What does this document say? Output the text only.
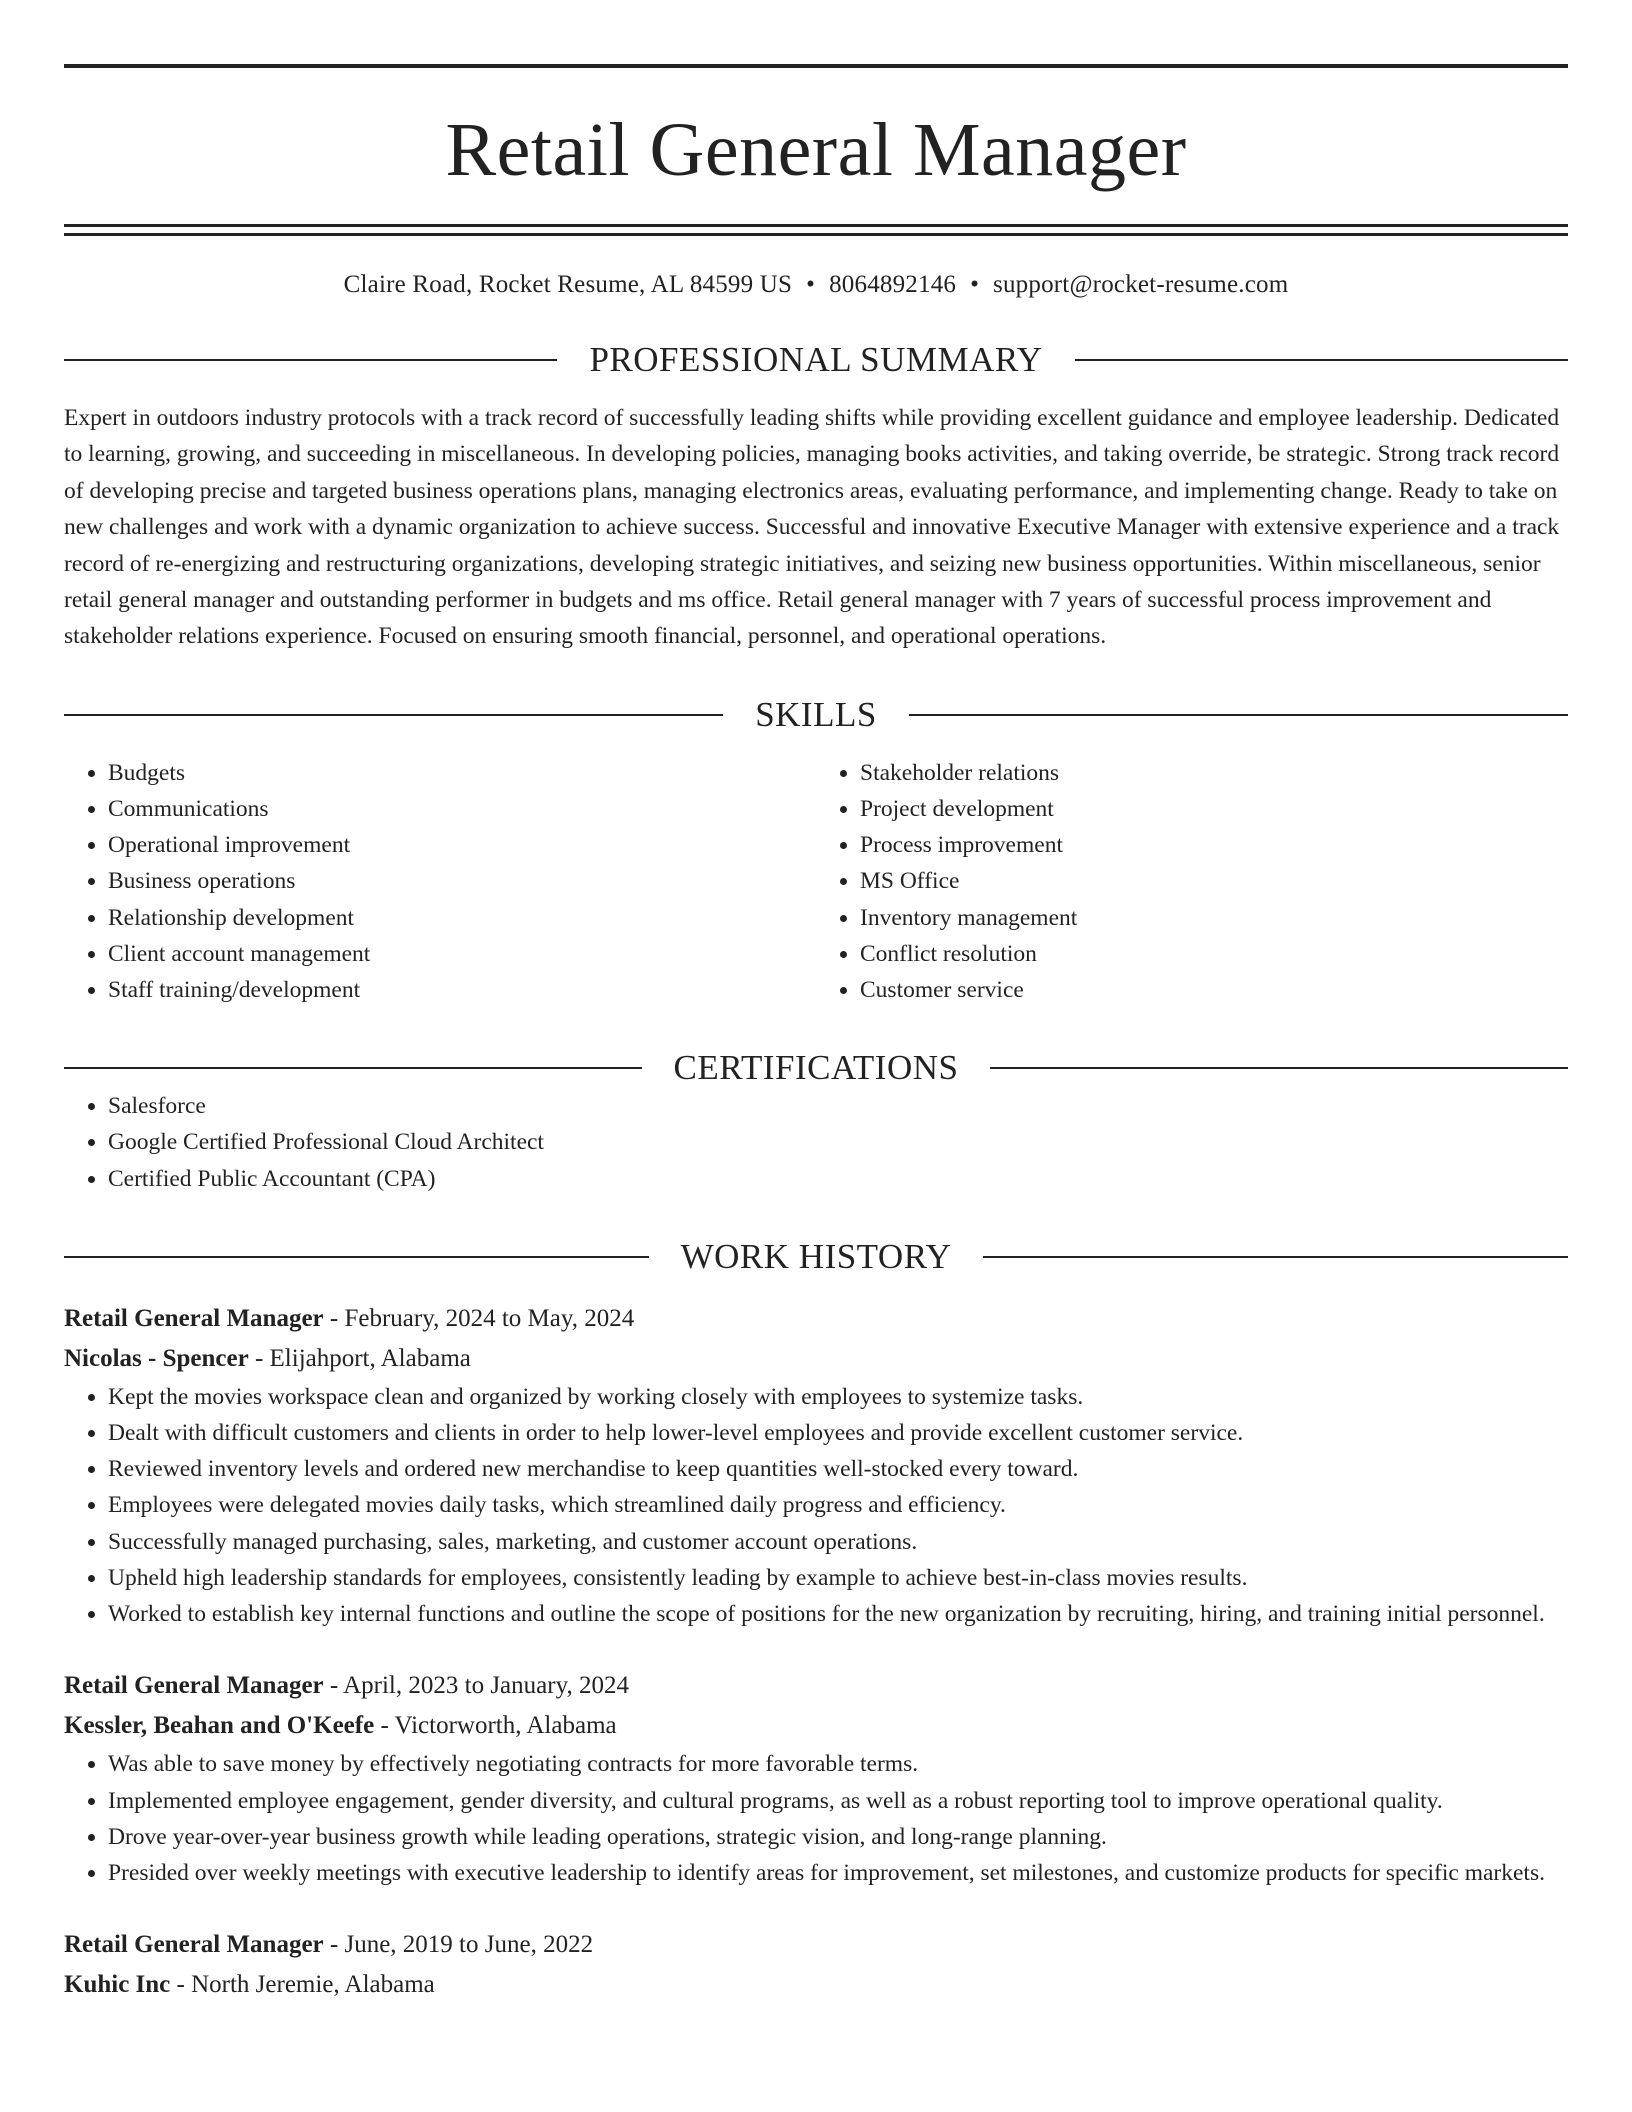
Retail General Manager
Claire Road, Rocket Resume, AL 84599 US • 8064892146 • support@rocket-resume.com
PROFESSIONAL SUMMARY

Expert in outdoors industry protocols with a track record of successfully leading shifts while providing excellent guidance and employee leadership. Dedicated to learning, growing, and succeeding in miscellaneous. In developing policies, managing books activities, and taking override, be strategic. Strong track record of developing precise and targeted business operations plans, managing electronics areas, evaluating performance, and implementing change. Ready to take on new challenges and work with a dynamic organization to achieve success. Successful and innovative Executive Manager with extensive experience and a track record of re-energizing and restructuring organizations, developing strategic initiatives, and seizing new business opportunities. Within miscellaneous, senior retail general manager and outstanding performer in budgets and ms office. Retail general manager with 7 years of successful process improvement and stakeholder relations experience. Focused on ensuring smooth financial, personnel, and operational operations.

SKILLS
• Budgets
• Communications
• Operational improvement
• Business operations
• Relationship development
• Client account management
• Staff training/development
• Stakeholder relations
• Project development
• Process improvement
• MS Office
• Inventory management
• Conflict resolution
• Customer service
CERTIFICATIONS
• Salesforce
• Google Certified Professional Cloud Architect
• Certified Public Accountant (CPA)
WORK HISTORY
Retail General Manager - February, 2024 to May, 2024
Nicolas - Spencer - Elijahport, Alabama
• Kept the movies workspace clean and organized by working closely with employees to systemize tasks.
• Dealt with difficult customers and clients in order to help lower-level employees and provide excellent customer service.
• Reviewed inventory levels and ordered new merchandise to keep quantities well-stocked every toward.
• Employees were delegated movies daily tasks, which streamlined daily progress and efficiency.
• Successfully managed purchasing, sales, marketing, and customer account operations.
• Upheld high leadership standards for employees, consistently leading by example to achieve best-in-class movies results.
• Worked to establish key internal functions and outline the scope of positions for the new organization by recruiting, hiring, and training initial personnel.
Retail General Manager - April, 2023 to January, 2024
Kessler, Beahan and O'Keefe - Victorworth, Alabama
• Was able to save money by effectively negotiating contracts for more favorable terms.
• Implemented employee engagement, gender diversity, and cultural programs, as well as a robust reporting tool to improve operational quality.
• Drove year-over-year business growth while leading operations, strategic vision, and long-range planning.
• Presided over weekly meetings with executive leadership to identify areas for improvement, set milestones, and customize products for specific markets.
Retail General Manager - June, 2019 to June, 2022
Kuhic Inc - North Jeremie, Alabama
